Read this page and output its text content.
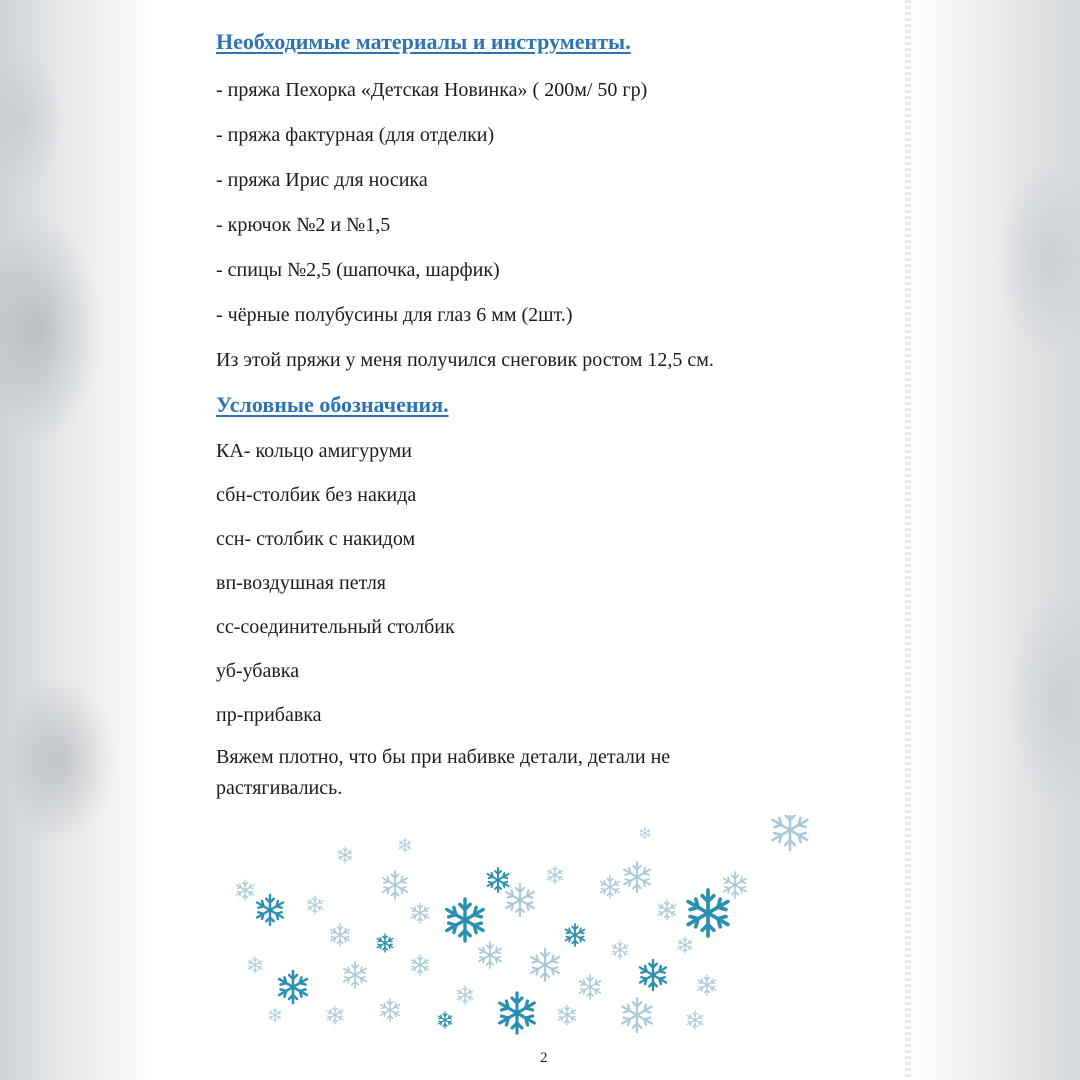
Необходимые материалы и инструменты.
- пряжа Пехорка «Детская Новинка» ( 200м/ 50 гр)
- пряжа фактурная (для отделки)
- пряжа Ирис для носика
- крючок №2 и №1,5
- спицы №2,5 (шапочка, шарфик)
- чёрные полубусины для глаз 6 мм (2шт.)
Из этой пряжи у меня получился снеговик ростом 12,5 см.
Условные обозначения.
КА- кольцо амигуруми
сбн-столбик без накида
ссн- столбик с накидом
вп-воздушная петля
сс-соединительный столбик
уб-убавка
пр-прибавка
Вяжем плотно, что бы при набивке детали, детали не растягивались.
2
